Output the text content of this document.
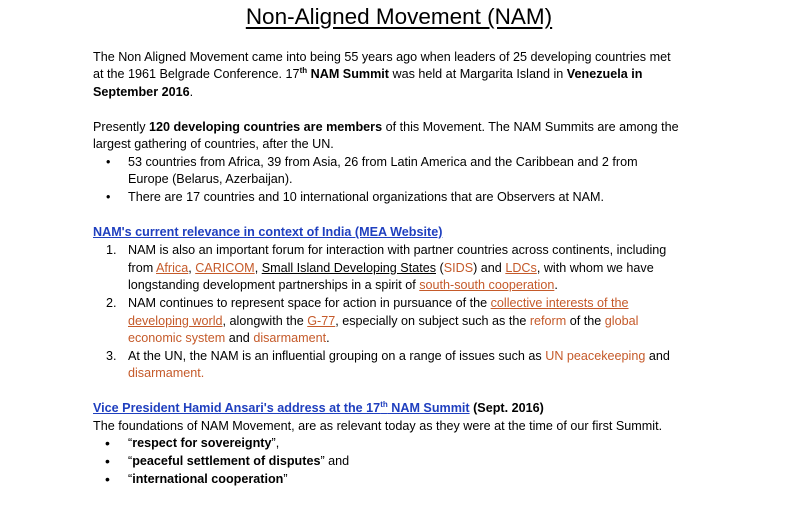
Non-Aligned Movement (NAM)
The Non Aligned Movement came into being 55 years ago when leaders of 25 developing countries met
at the 1961 Belgrade Conference. 17th NAM Summit was held at Margarita Island in Venezuela in
September 2016.
Presently 120 developing countries are members of this Movement. The NAM Summits are among the
largest gathering of countries, after the UN.
• 53 countries from Africa, 39 from Asia, 26 from Latin America and the Caribbean and 2 from
Europe (Belarus, Azerbaijan).
• There are 17 countries and 10 international organizations that are Observers at NAM.
NAM's current relevance in context of India (MEA Website)
1. NAM is also an important forum for interaction with partner countries across continents, including
from Africa, CARICOM, Small Island Developing States (SIDS) and LDCs, with whom we have
longstanding development partnerships in a spirit of south-south cooperation.
2. NAM continues to represent space for action in pursuance of the collective interests of the
developing world, alongwith the G-77, especially on subject such as the reform of the global
economic system and disarmament.
3. At the UN, the NAM is an influential grouping on a range of issues such as UN peacekeeping and
disarmament.
Vice President Hamid Ansari's address at the 17th NAM Summit (Sept. 2016)
The foundations of NAM Movement, are as relevant today as they were at the time of our first Summit.
• “respect for sovereignty”,
• “peaceful settlement of disputes” and
• “international cooperation”
